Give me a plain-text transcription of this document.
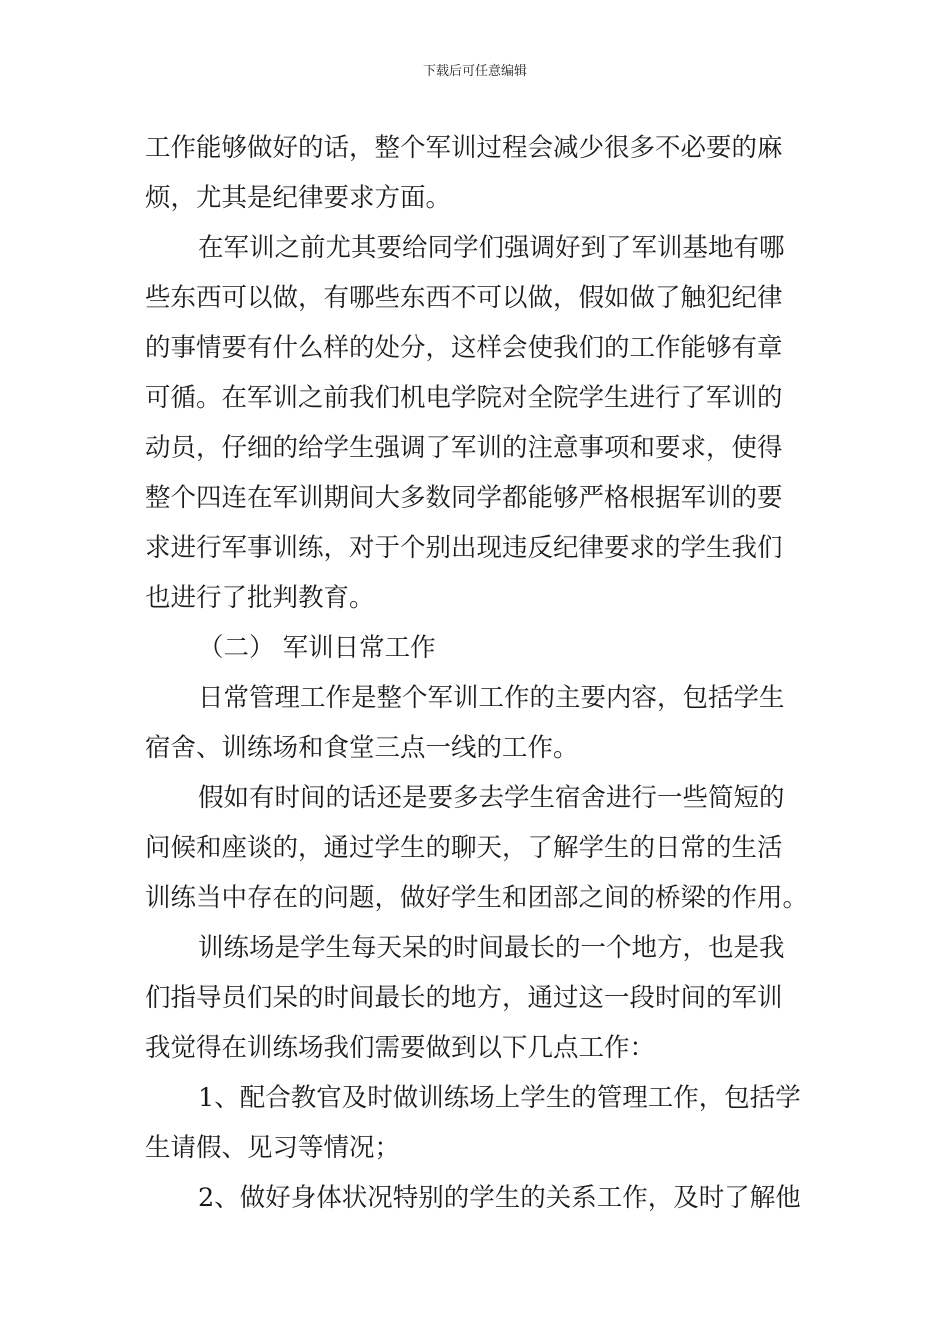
下载后可任意编辑
工作能够做好的话，整个军训过程会减少很多不必要的麻
烦，尤其是纪律要求方面。
在军训之前尤其要给同学们强调好到了军训基地有哪
些东西可以做，有哪些东西不可以做，假如做了触犯纪律
的事情要有什么样的处分，这样会使我们的工作能够有章
可循。在军训之前我们机电学院对全院学生进行了军训的
动员，仔细的给学生强调了军训的注意事项和要求，使得
整个四连在军训期间大多数同学都能够严格根据军训的要
求进行军事训练，对于个别出现违反纪律要求的学生我们
也进行了批判教育。
（二） 军训日常工作
日常管理工作是整个军训工作的主要内容，包括学生
宿舍、训练场和食堂三点一线的工作。
假如有时间的话还是要多去学生宿舍进行一些简短的
问候和座谈的，通过学生的聊天，了解学生的日常的生活
训练当中存在的问题，做好学生和团部之间的桥梁的作用。
训练场是学生每天呆的时间最长的一个地方，也是我
们指导员们呆的时间最长的地方，通过这一段时间的军训
我觉得在训练场我们需要做到以下几点工作：
1、配合教官及时做训练场上学生的管理工作，包括学
生请假、见习等情况；
2、做好身体状况特别的学生的关系工作，及时了解他
